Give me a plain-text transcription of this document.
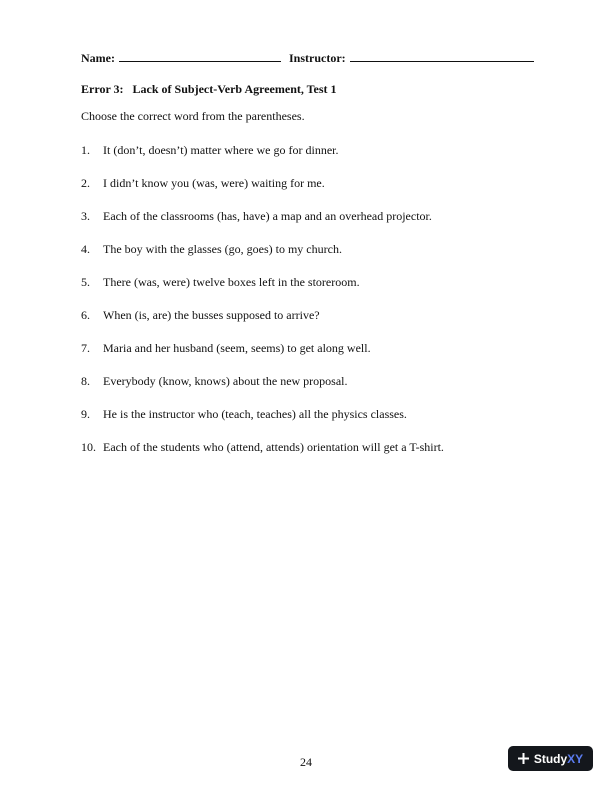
Name:	Instructor:
Error 3: Lack of Subject-Verb Agreement, Test 1
Choose the correct word from the parentheses.
1.	It (don’t, doesn’t) matter where we go for dinner.
2.	I didn’t know you (was, were) waiting for me.
3.	Each of the classrooms (has, have) a map and an overhead projector.
4.	The boy with the glasses (go, goes) to my church.
5.	There (was, were) twelve boxes left in the storeroom.
6.	When (is, are) the busses supposed to arrive?
7.	Maria and her husband (seem, seems) to get along well.
8.	Everybody (know, knows) about the new proposal.
9.	He is the instructor who (teach, teaches) all the physics classes.
10. Each of the students who (attend, attends) orientation will get a T-shirt.
24	Study XY
